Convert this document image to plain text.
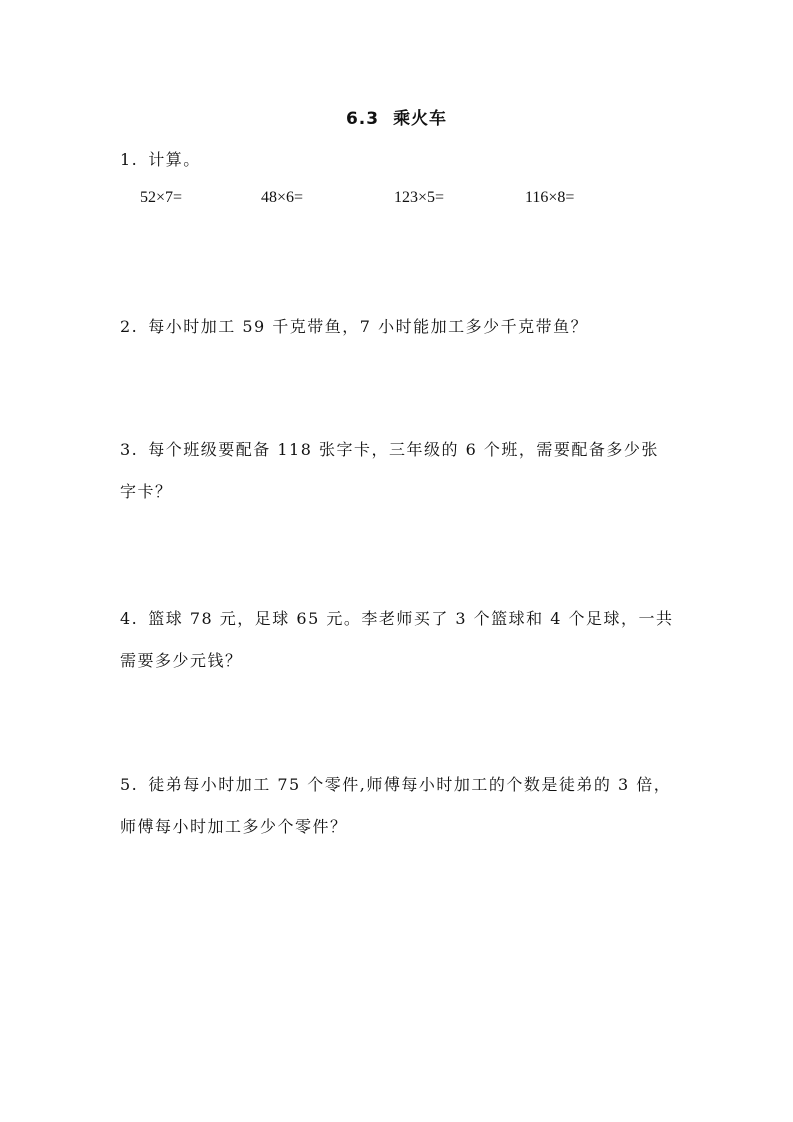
6.3 乘火车
1. 计算。
52×7=	48×6=	123×5=	116×8=
2. 每小时加工 59 千克带鱼，7 小时能加工多少千克带鱼？
3. 每个班级要配备 118 张字卡，三年级的 6 个班，需要配备多少张
字卡？
4. 篮球 78 元，足球 65 元。李老师买了 3 个篮球和 4 个足球，一共
需要多少元钱？
5. 徒弟每小时加工 75 个零件,师傅每小时加工的个数是徒弟的 3 倍，
师傅每小时加工多少个零件？
